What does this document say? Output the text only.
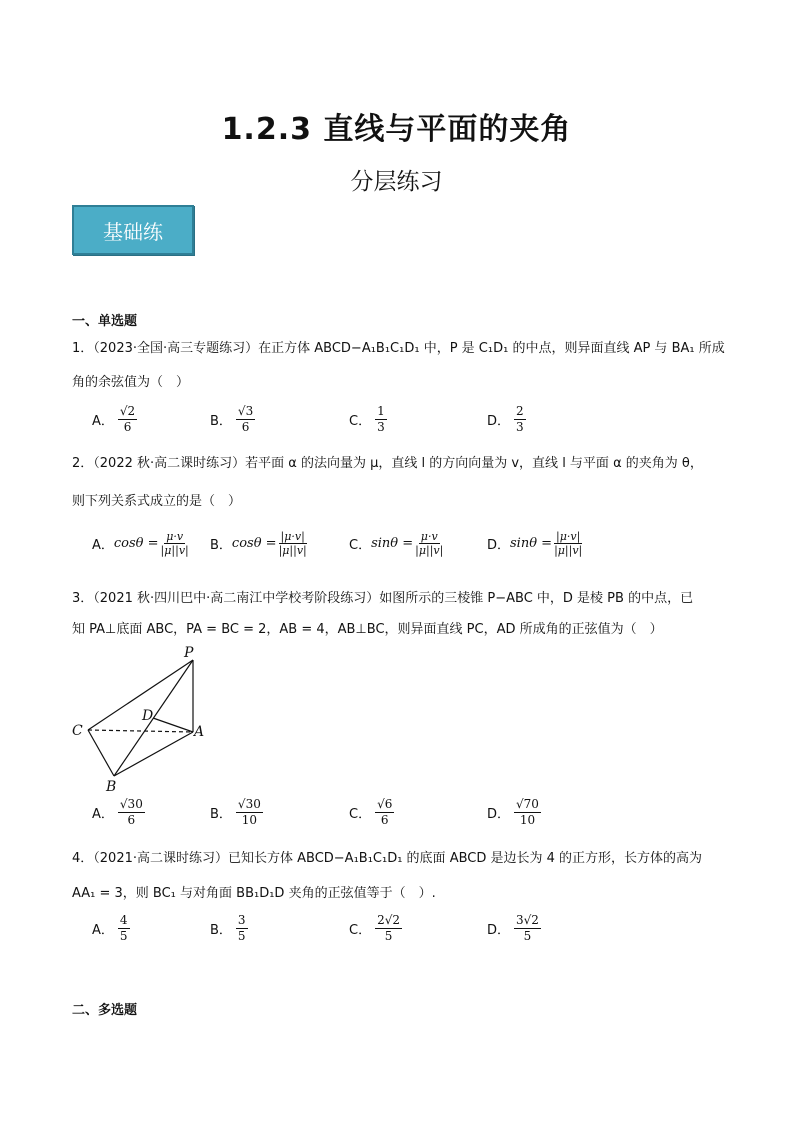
1.2.3 直线与平面的夹角
分层练习
基础练
一、单选题
1．（2023·全国·高三专题练习）在正方体 ABCD−A₁B₁C₁D₁ 中，P 是 C₁D₁ 的中点，则异面直线 AP 与 BA₁ 所成
角的余弦值为（　）
A． $\frac{√2}{6}$	B． $\frac{√3}{6}$	C． $\frac{1}{3}$	D． $\frac{2}{3}$
2．（2022 秋·高二课时练习）若平面 α 的法向量为 μ，直线 l 的方向向量为 v，直线 l 与平面 α 的夹角为 θ，
则下列关系式成立的是（　）
A． $\cos\theta = \frac{\mu\cdot v}{|\mu||v|}$ B． $\cos\theta = \frac{|\mu\cdot v|}{|\mu||v|}$	C． $\sin\theta = \frac{\mu\cdot v}{|\mu||v|}$	D． $\sin\theta = \frac{|\mu\cdot v|}{|\mu||v|}$
3．（2021 秋·四川巴中·高二南江中学校考阶段练习）如图所示的三棱锥 P−ABC 中，D 是棱 PB 的中点，已
知 PA⊥底面 ABC，PA = BC = 2，AB = 4，AB⊥BC，则异面直线 PC，AD 所成角的正弦值为（　）
P
C
D
A
B
A． $\frac{√30}{6}$	B． $\frac{√30}{10}$	C． $\frac{√6}{6}$	D． $\frac{√70}{10}$
4．（2021·高二课时练习）已知长方体 ABCD−A₁B₁C₁D₁ 的底面 ABCD 是边长为 4 的正方形，长方体的高为
AA₁ = 3，则 BC₁ 与对角面 BB₁D₁D 夹角的正弦值等于（　）.
A． $\frac{4}{5}$	B． $\frac{3}{5}$	C． $\frac{2√2}{5}$	D． $\frac{3√2}{5}$
二、多选题
